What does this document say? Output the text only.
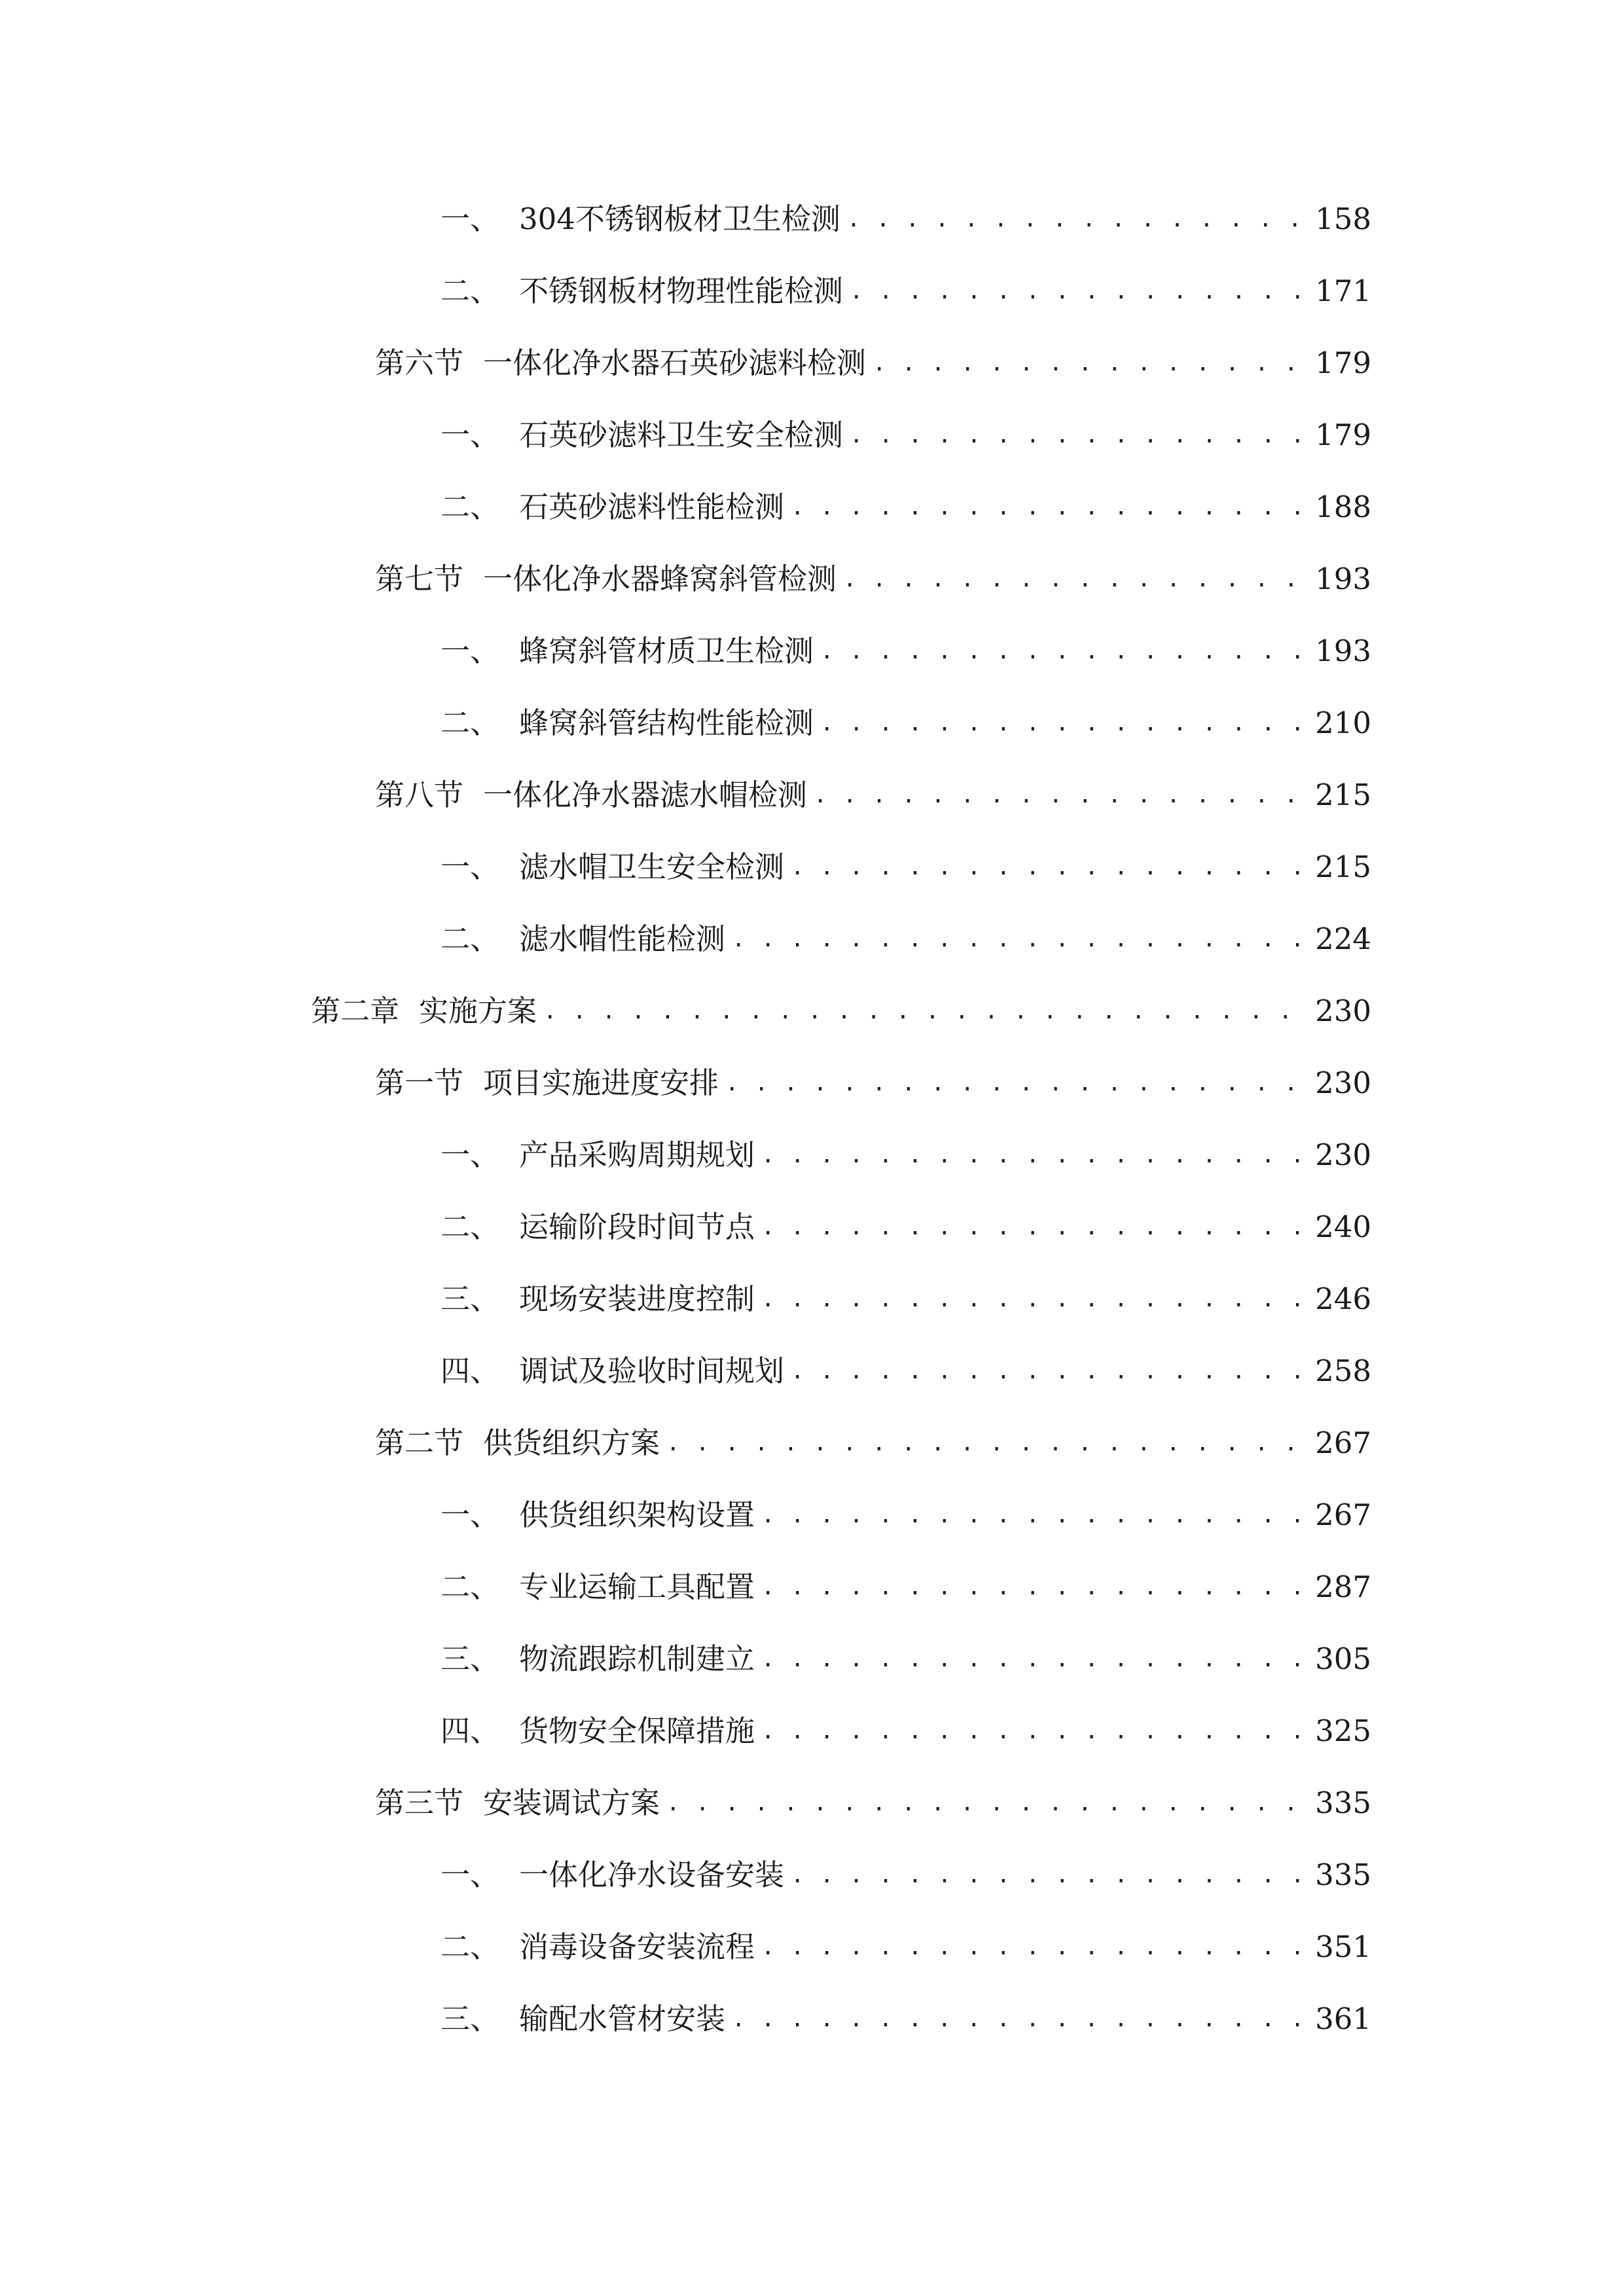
一、 304不锈钢板材卫生检测 . . .	158
二、 不锈钢板材物理性能检测 . . .	171
第六节 一体化净水器石英砂滤料检测 . . .	179
一、 石英砂滤料卫生安全检测 . . .	179
二、 石英砂滤料性能检测 . . .	188
第七节 一体化净水器蜂窝斜管检测 . . .	193
一、 蜂窝斜管材质卫生检测 . . .	193
二、 蜂窝斜管结构性能检测 . . .	210
第八节 一体化净水器滤水帽检测 . . .	215
一、 滤水帽卫生安全检测 . . .	215
二、 滤水帽性能检测 . . .	224
第二章 实施方案 . . .	230
第一节 项目实施进度安排 . . .	230
一、 产品采购周期规划 . . .	230
二、 运输阶段时间节点 . . .	240
三、 现场安装进度控制 . . .	246
四、 调试及验收时间规划 . . .	258
第二节 供货组织方案 . . .	267
一、 供货组织架构设置 . . .	267
二、 专业运输工具配置 . . .	287
三、 物流跟踪机制建立 . . .	305
四、 货物安全保障措施 . . .	325
第三节 安装调试方案 . . .	335
一、 一体化净水设备安装 . . .	335
二、 消毒设备安装流程 . . .	351
三、 输配水管材安装 . . .	361
